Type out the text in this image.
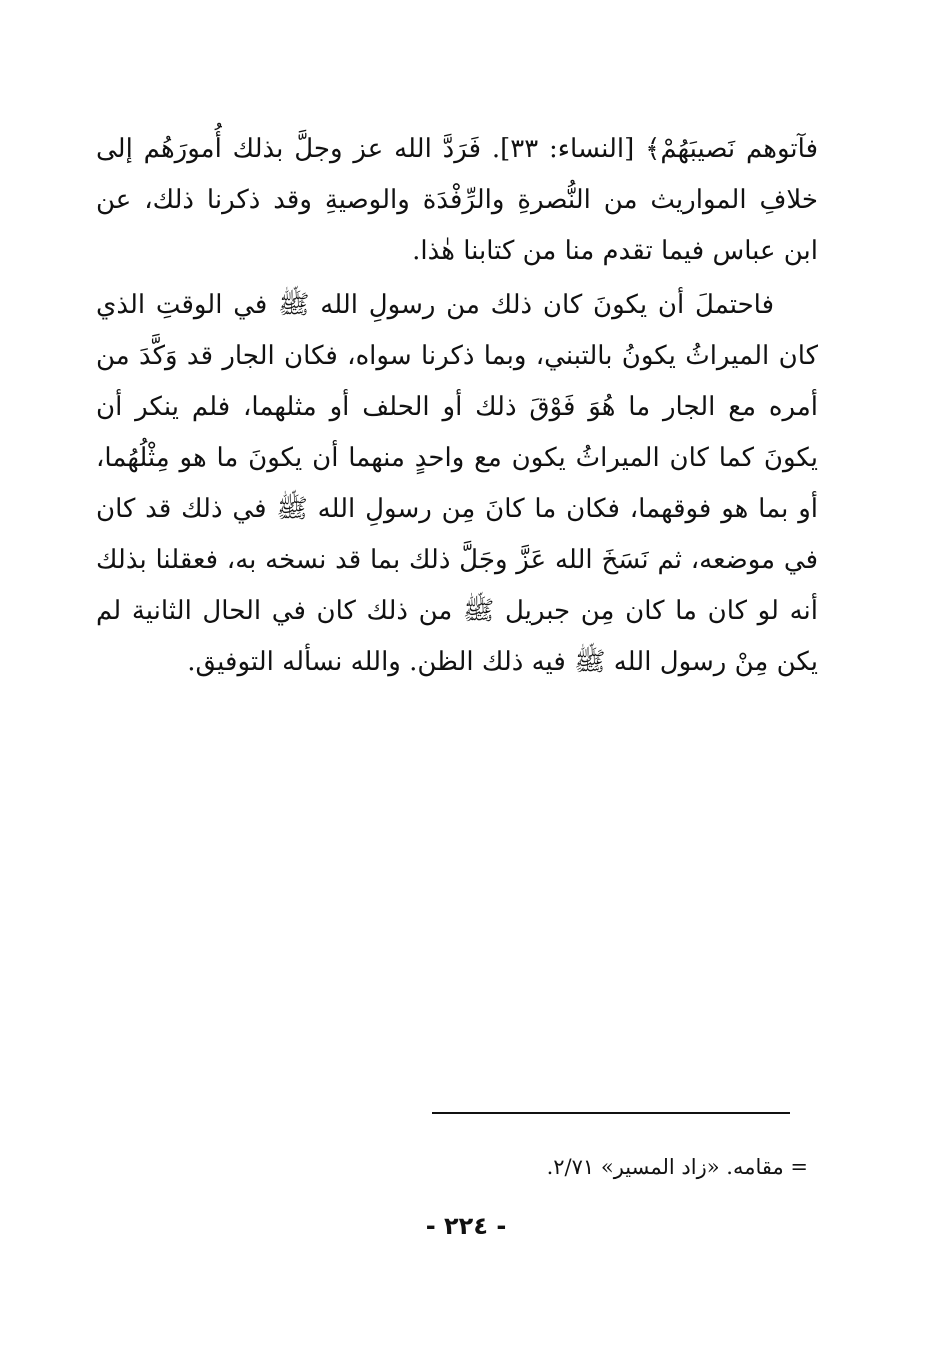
فآتوهم نَصيبَهُمْ﴾ [النساء: ٣٣]. فَرَدَّ الله عز وجلَّ بذلك أُمورَهُم إلى خلافِ المواريث من النُّصرةِ والرِّفْدَة والوصيةِ وقد ذكرنا ذلك، عن ابن عباس فيما تقدم منا من كتابنا هٰذا.

فاحتملَ أن يكونَ كان ذلك من رسولِ الله ﷺ في الوقتِ الذي كان الميراثُ يكونُ بالتبني، وبما ذكرنا سواه، فكان الجار قد وَكَّدَ من أمره مع الجار ما هُوَ فَوْقَ ذلك أو الحلف أو مثلهما، فلم ينكر أن يكونَ كما كان الميراثُ يكون مع واحدٍ منهما أن يكونَ ما هو مِثْلُهُما، أو بما هو فوقهما، فكان ما كانَ مِن رسولِ الله ﷺ في ذلك قد كان في موضعه، ثم نَسَخَ الله عَزَّ وجَلَّ ذلك بما قد نسخه به، فعقلنا بذلك أنه لو كان ما كان مِن جبريل ﷺ من ذلك كان في الحال الثانية لم يكن مِنْ رسول الله ﷺ فيه ذلك الظن. والله نسأله التوفيق.

= مقامه. «زاد المسير» ٢/٧١.

- ٢٢٤ -
